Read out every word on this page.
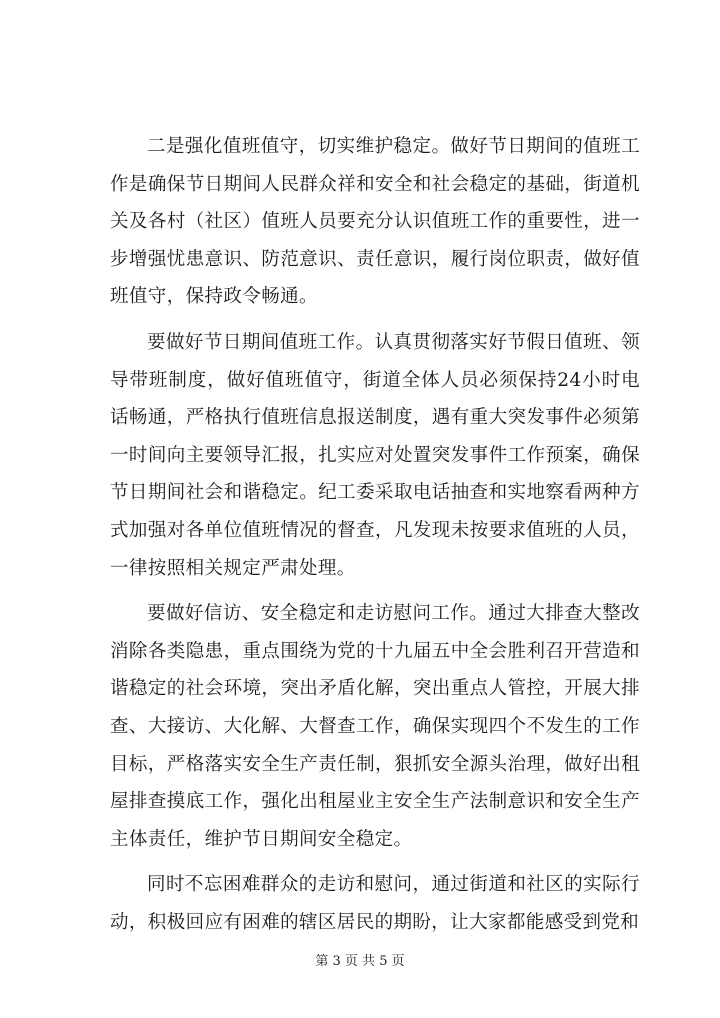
二是强化值班值守，切实维护稳定。做好节日期间的值班工作是确保节日期间人民群众祥和安全和社会稳定的基础，街道机关及各村（社区）值班人员要充分认识值班工作的重要性，进一步增强忧患意识、防范意识、责任意识，履行岗位职责，做好值班值守，保持政令畅通。

要做好节日期间值班工作。认真贯彻落实好节假日值班、领导带班制度，做好值班值守，街道全体人员必须保持24小时电话畅通，严格执行值班信息报送制度，遇有重大突发事件必须第一时间向主要领导汇报，扎实应对处置突发事件工作预案，确保节日期间社会和谐稳定。纪工委采取电话抽查和实地察看两种方式加强对各单位值班情况的督查，凡发现未按要求值班的人员，一律按照相关规定严肃处理。

要做好信访、安全稳定和走访慰问工作。通过大排查大整改消除各类隐患，重点围绕为党的十九届五中全会胜利召开营造和谐稳定的社会环境，突出矛盾化解，突出重点人管控，开展大排查、大接访、大化解、大督查工作，确保实现四个不发生的工作目标，严格落实安全生产责任制，狠抓安全源头治理，做好出租屋排查摸底工作，强化出租屋业主安全生产法制意识和安全生产主体责任，维护节日期间安全稳定。

同时不忘困难群众的走访和慰问，通过街道和社区的实际行动，积极回应有困难的辖区居民的期盼，让大家都能感受到党和

第 3 页 共 5 页
